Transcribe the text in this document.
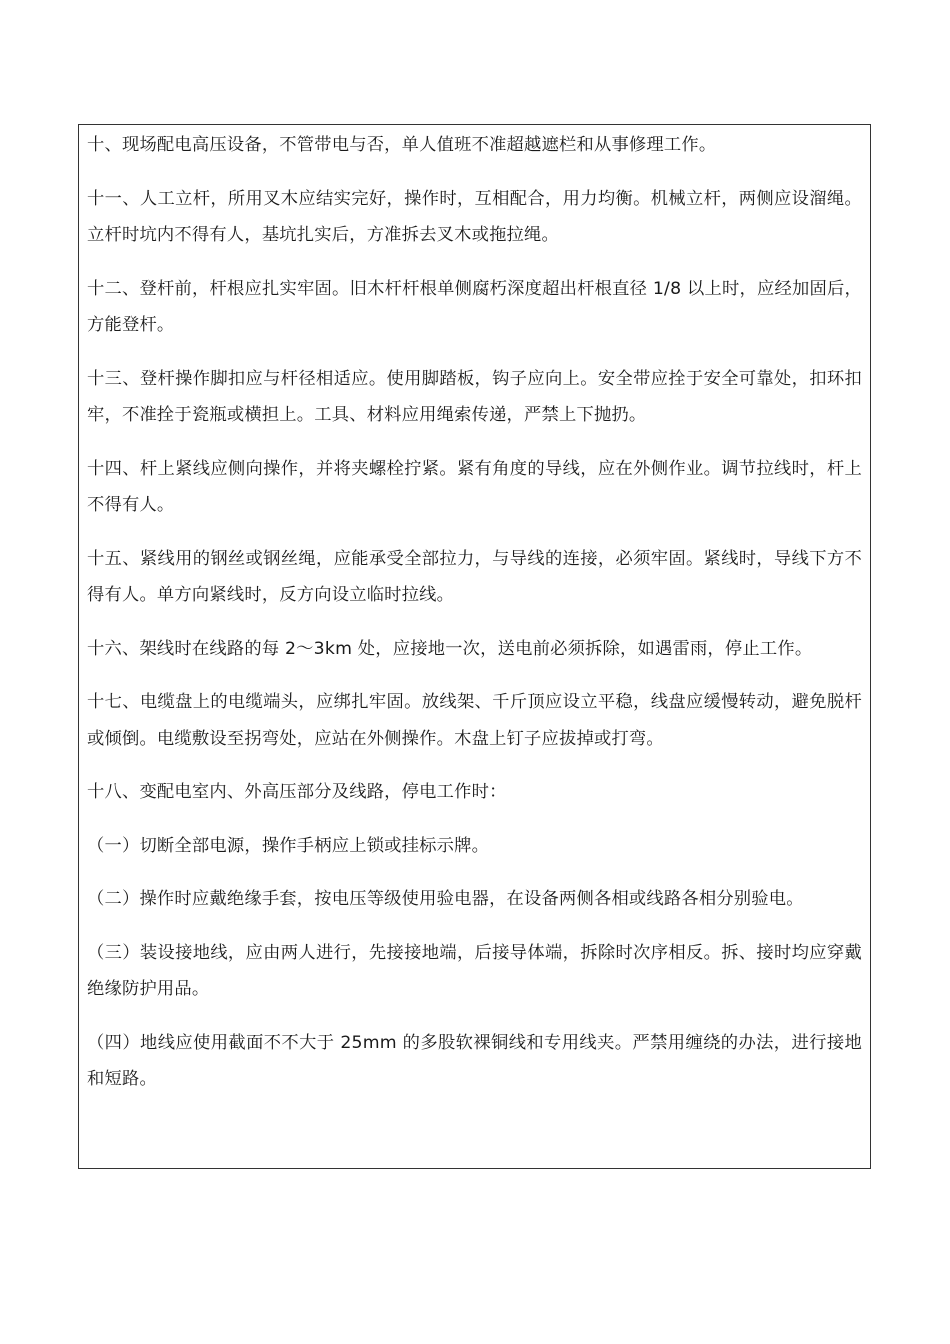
十、现场配电高压设备，不管带电与否，单人值班不准超越遮栏和从事修理工作。

十一、人工立杆，所用叉木应结实完好，操作时，互相配合，用力均衡。机械立杆，两侧应设溜绳。立杆时坑内不得有人，基坑扎实后，方准拆去叉木或拖拉绳。

十二、登杆前，杆根应扎实牢固。旧木杆杆根单侧腐朽深度超出杆根直径 1/8 以上时，应经加固后，方能登杆。

十三、登杆操作脚扣应与杆径相适应。使用脚踏板，钩子应向上。安全带应拴于安全可靠处，扣环扣牢，不准拴于瓷瓶或横担上。工具、材料应用绳索传递，严禁上下抛扔。

十四、杆上紧线应侧向操作，并将夹螺栓拧紧。紧有角度的导线，应在外侧作业。调节拉线时，杆上不得有人。

十五、紧线用的钢丝或钢丝绳，应能承受全部拉力，与导线的连接，必须牢固。紧线时，导线下方不得有人。单方向紧线时，反方向设立临时拉线。

十六、架线时在线路的每 2～3km 处，应接地一次，送电前必须拆除，如遇雷雨，停止工作。

十七、电缆盘上的电缆端头，应绑扎牢固。放线架、千斤顶应设立平稳，线盘应缓慢转动，避免脱杆或倾倒。电缆敷设至拐弯处，应站在外侧操作。木盘上钉子应拔掉或打弯。

十八、变配电室内、外高压部分及线路，停电工作时：

（一）切断全部电源，操作手柄应上锁或挂标示牌。

（二）操作时应戴绝缘手套，按电压等级使用验电器，在设备两侧各相或线路各相分别验电。

（三）装设接地线，应由两人进行，先接接地端，后接导体端，拆除时次序相反。拆、接时均应穿戴绝缘防护用品。

（四）地线应使用截面不不大于 25mm 的多股软裸铜线和专用线夹。严禁用缠绕的办法，进行接地和短路。
